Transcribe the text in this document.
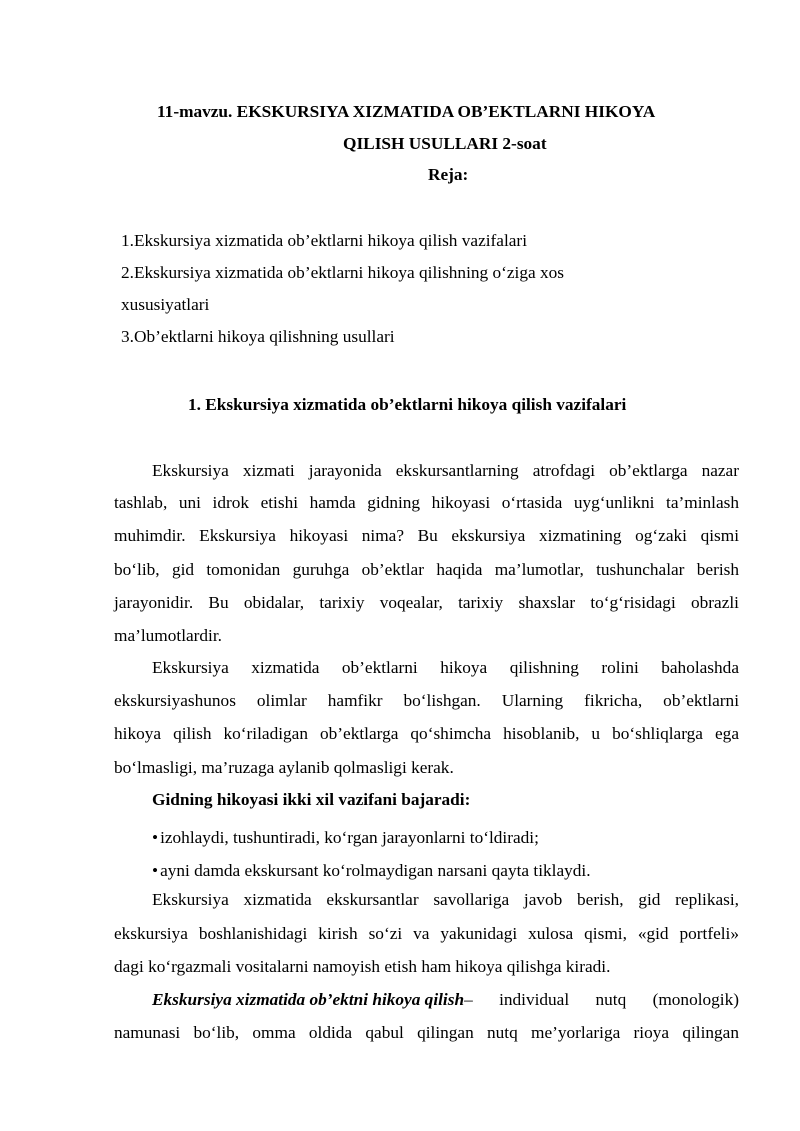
11-mavzu. EKSKURSIYA XIZMATIDA OB’EKTLARNI HIKOYA
QILISH USULLARI 2-soat
Reja:
1.Ekskursiya xizmatida ob’ektlarni hikoya qilish vazifalari
2.Ekskursiya xizmatida ob’ektlarni hikoya qilishning o‘ziga xos
xususiyatlari
3.Ob’ektlarni hikoya qilishning usullari
1. Ekskursiya xizmatida ob’ektlarni hikoya qilish vazifalari
Ekskursiya xizmati jarayonida ekskursantlarning atrofdagi ob’ektlarga nazar
tashlab, uni idrok etishi hamda gidning hikoyasi o‘rtasida uyg‘unlikni ta’minlash
muhimdir. Ekskursiya hikoyasi nima? Bu ekskursiya xizmatining og‘zaki qismi
bo‘lib, gid tomonidan guruhga ob’ektlar haqida ma’lumotlar, tushunchalar berish
jarayonidir. Bu obidalar, tarixiy voqealar, tarixiy shaxslar to‘g‘risidagi obrazli
ma’lumotlardir.
Ekskursiya xizmatida ob’ektlarni hikoya qilishning rolini baholashda
ekskursiyashunos olimlar hamfikr bo‘lishgan. Ularning fikricha, ob’ektlarni
hikoya qilish ko‘riladigan ob’ektlarga qo‘shimcha hisoblanib, u bo‘shliqlarga ega
bo‘lmasligi, ma’ruzaga aylanib qolmasligi kerak.
Gidning hikoyasi ikki xil vazifani bajaradi:
• izohlaydi, tushuntiradi, ko‘rgan jarayonlarni to‘ldiradi;
• ayni damda ekskursant ko‘rolmaydigan narsani qayta tiklaydi.
Ekskursiya xizmatida ekskursantlar savollariga javob berish, gid replikasi,
ekskursiya boshlanishidagi kirish so‘zi va yakunidagi xulosa qismi, «gid portfeli»
dagi ko‘rgazmali vositalarni namoyish etish ham hikoya qilishga kiradi.
Ekskursiya xizmatida ob’ektni hikoya qilish – individual nutq (monologik)
namunasi bo‘lib, omma oldida qabul qilingan nutq me’yorlariga rioya qilingan
